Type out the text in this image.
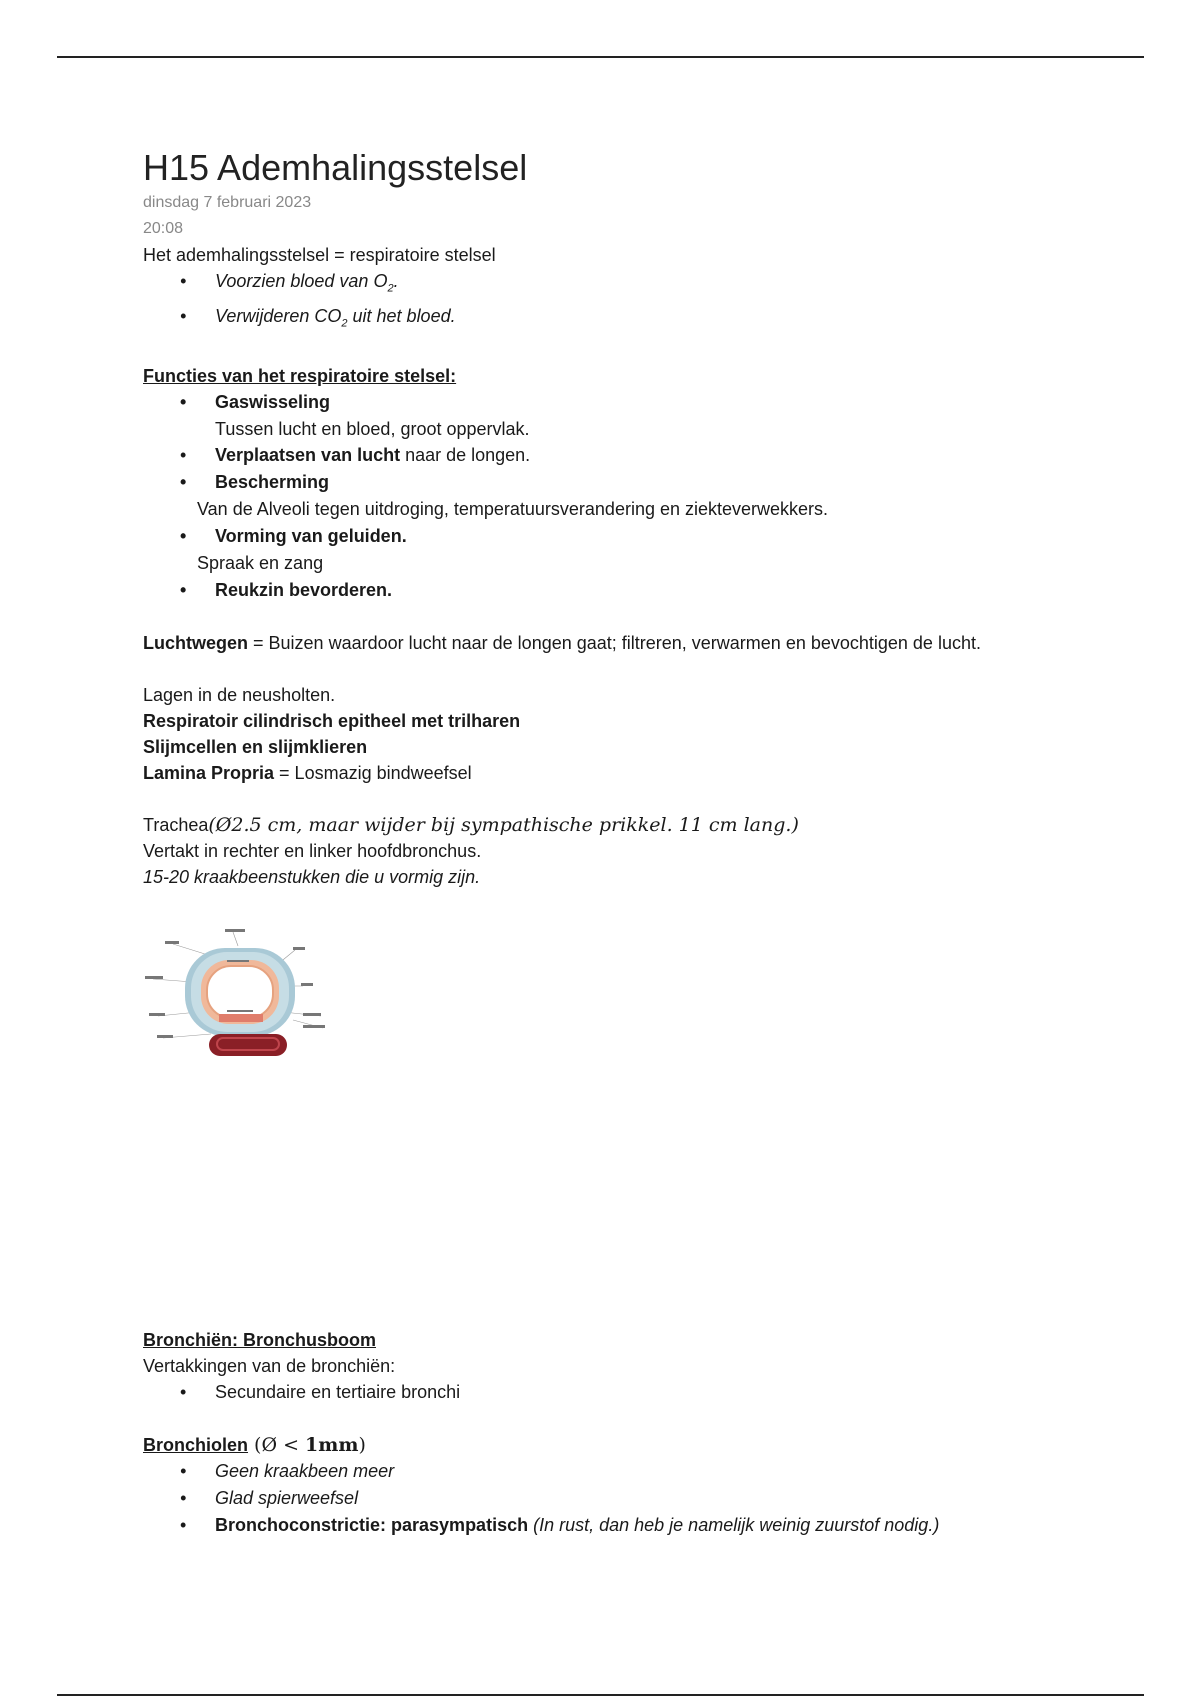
H15 Ademhalingsstelsel
dinsdag 7 februari 2023
20:08

Het ademhalingsstelsel = respiratoire stelsel

• Voorzien bloed van $O_2$.
• Verwijderen $CO_2$ uit het bloed.
Functies van het respiratoire stelsel:
• Gaswisseling
Tussen lucht en bloed, groot oppervlak.
• Verplaatsen van lucht naar de longen.
• Bescherming
Van de Alveoli tegen uitdroging, temperatuursverandering en ziekteverwekkers.
• Vorming van geluiden.
Spraak en zang
• Reukzin bevorderen.

Luchtwegen = Buizen waardoor lucht naar de longen gaat; filtreren, verwarmen en bevochtigen de lucht.

Lagen in de neusholten.

Respiratoir cilindrisch epitheel met trilharen

Slijmcellen en slijmklieren

Lamina Propria = Losmazig bindweefsel

Trachea(Ø2.5 cm, maar wijder bij sympathische prikkel. 11 cm lang.)

Vertakt in rechter en linker hoofdbronchus.

15-20 kraakbeenstukken die u vormig zijn.

Bronchiën: Bronchusboom

Vertakkingen van de bronchiën:

• Secundaire en tertiaire bronchi

Bronchiolen (Ø < 1mm)

• Geen kraakbeen meer
• Glad spierweefsel
• Bronchoconstrictie: parasympatisch (In rust, dan heb je namelijk weinig zuurstof nodig.)
